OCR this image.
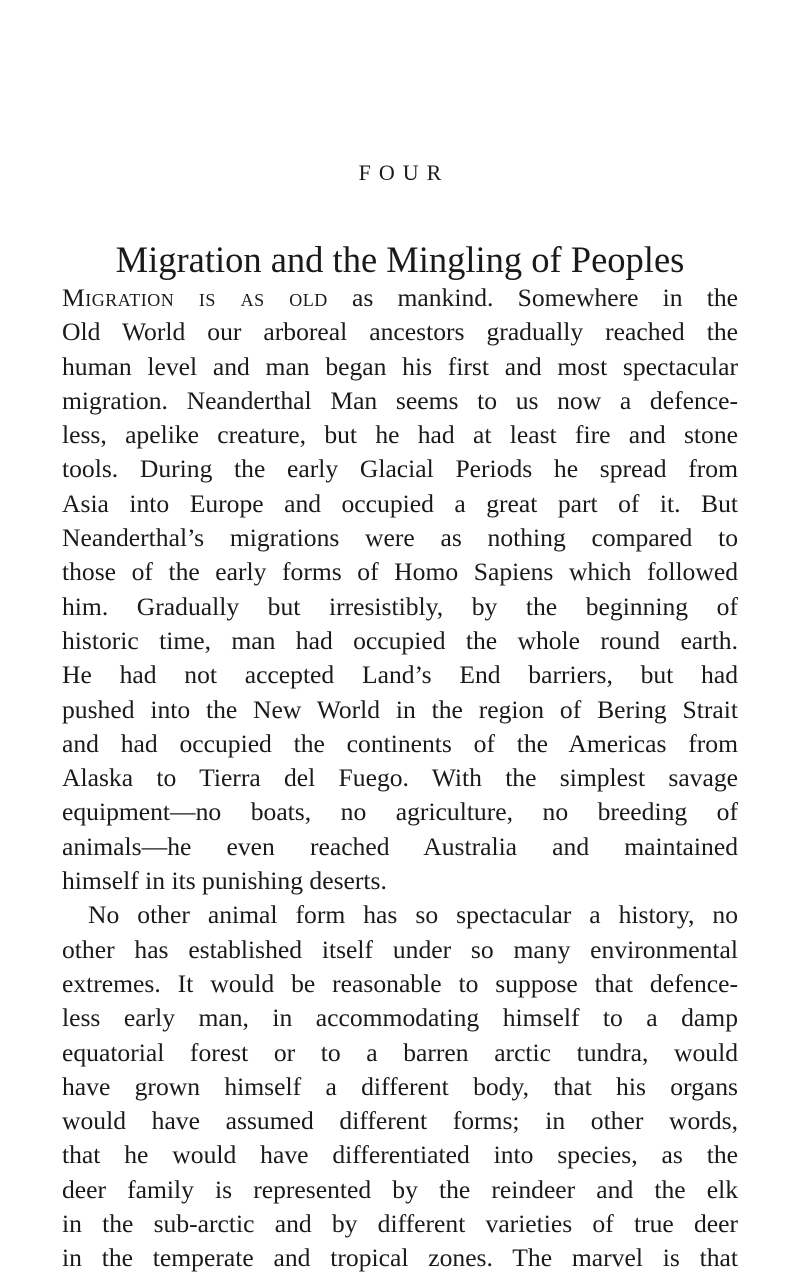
FOUR
Migration and the Mingling of Peoples
Migration is as old as mankind. Somewhere in the
Old World our arboreal ancestors gradually reached the
human level and man began his first and most spectacular
migration. Neanderthal Man seems to us now a defence-
less, apelike creature, but he had at least fire and stone
tools. During the early Glacial Periods he spread from
Asia into Europe and occupied a great part of it. But
Neanderthal’s migrations were as nothing compared to
those of the early forms of Homo Sapiens which followed
him. Gradually but irresistibly, by the beginning of
historic time, man had occupied the whole round earth.
He had not accepted Land’s End barriers, but had
pushed into the New World in the region of Bering Strait
and had occupied the continents of the Americas from
Alaska to Tierra del Fuego. With the simplest savage
equipment—no boats, no agriculture, no breeding of
animals—he even reached Australia and maintained
himself in its punishing deserts.
No other animal form has so spectacular a history, no
other has established itself under so many environmental
extremes. It would be reasonable to suppose that defence-
less early man, in accommodating himself to a damp
equatorial forest or to a barren arctic tundra, would
have grown himself a different body, that his organs
would have assumed different forms; in other words,
that he would have differentiated into species, as the
deer family is represented by the reindeer and the elk
in the sub-arctic and by different varieties of true deer
in the temperate and tropical zones. The marvel is that
